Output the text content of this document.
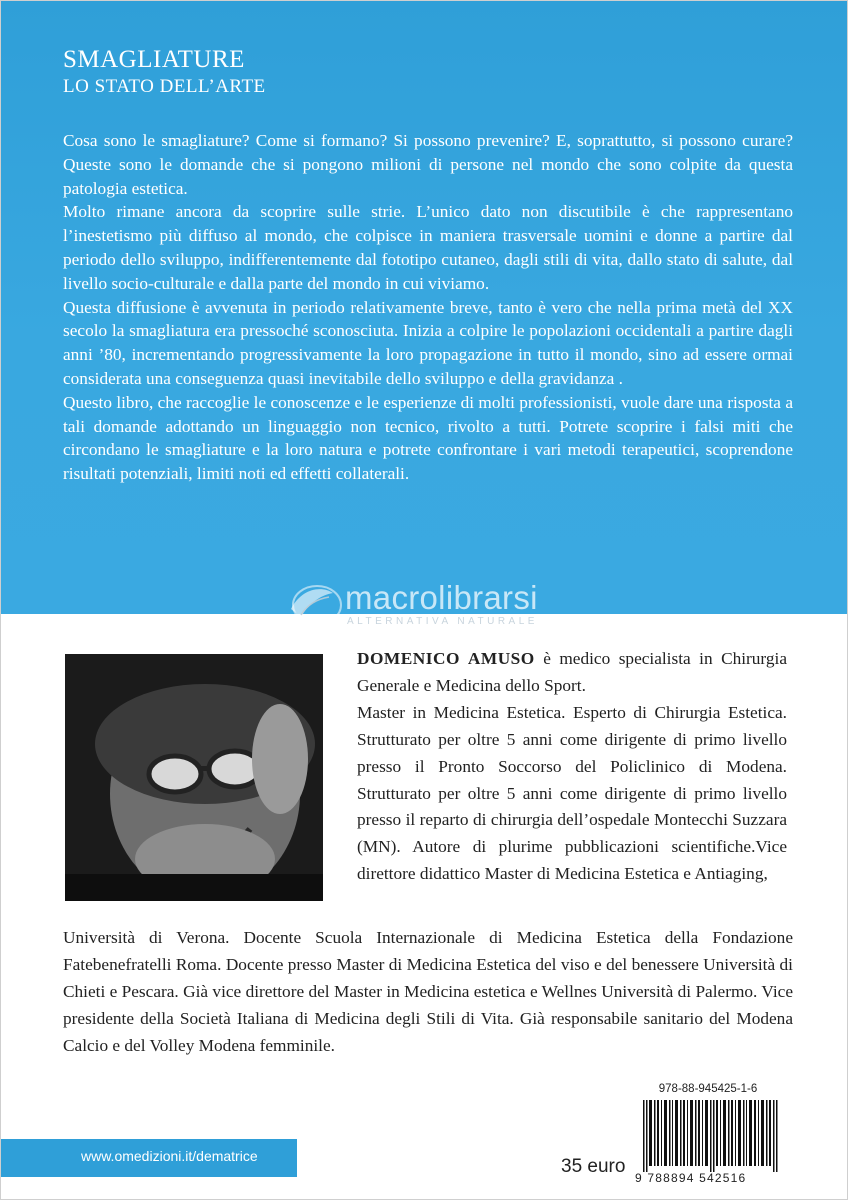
SMAGLIATURE
LO STATO DELL’ARTE

Cosa sono le smagliature? Come si formano? Si possono prevenire? E, soprattutto, si possono curare? Queste sono le domande che si pongono milioni di persone nel mondo che sono colpite da questa patologia estetica.

Molto rimane ancora da scoprire sulle strie. L’unico dato non discutibile è che rappresentano l’inestetismo più diffuso al mondo, che colpisce in maniera trasversale uomini e donne a partire dal periodo dello sviluppo, indifferentemente dal fototipo cutaneo, dagli stili di vita, dallo stato di salute, dal livello socio-culturale e dalla parte del mondo in cui viviamo.

Questa diffusione è avvenuta in periodo relativamente breve, tanto è vero che nella prima metà del XX secolo la smagliatura era pressoché sconosciuta. Inizia a colpire le popolazioni occidentali a partire dagli anni ’80, incrementando progressivamente la loro propagazione in tutto il mondo, sino ad essere ormai considerata una conseguenza quasi inevitabile dello sviluppo e della gravidanza .

Questo libro, che raccoglie le conoscenze e le esperienze di molti professionisti, vuole dare una risposta a tali domande adottando un linguaggio non tecnico, rivolto a tutti. Potrete scoprire i falsi miti che circondano le smagliature e la loro natura e potrete confrontare i vari metodi terapeutici, scoprendone risultati potenziali, limiti noti ed effetti collaterali.

macrolibrarsi
ALTERNATIVA NATURALE

DOMENICO AMUSO è medico specialista in Chirurgia Generale e Medicina dello Sport.

Master in Medicina Estetica. Esperto di Chirurgia Estetica. Strutturato per oltre 5 anni come dirigente di primo livello presso il Pronto Soccorso del Policlinico di Modena. Strutturato per oltre 5 anni come dirigente di primo livello presso il reparto di chirurgia dell’ospedale Montecchi Suzzara (MN). Autore di plurime pubblicazioni scientifiche.Vice direttore didattico Master di Medicina Estetica e Antiaging,

Università di Verona. Docente Scuola Internazionale di Medicina Estetica della Fondazione Fatebenefratelli Roma. Docente presso Master di Medicina Estetica del viso e del benessere Università di Chieti e Pescara. Già vice direttore del Master in Medicina estetica e Wellnes Università di Palermo. Vice presidente della Società Italiana di Medicina degli Stili di Vita. Già responsabile sanitario del Modena Calcio e del Volley Modena femminile.
978-88-945425-1-6
9 788894 542516
35 euro
www.omedizioni.it/dematrice
